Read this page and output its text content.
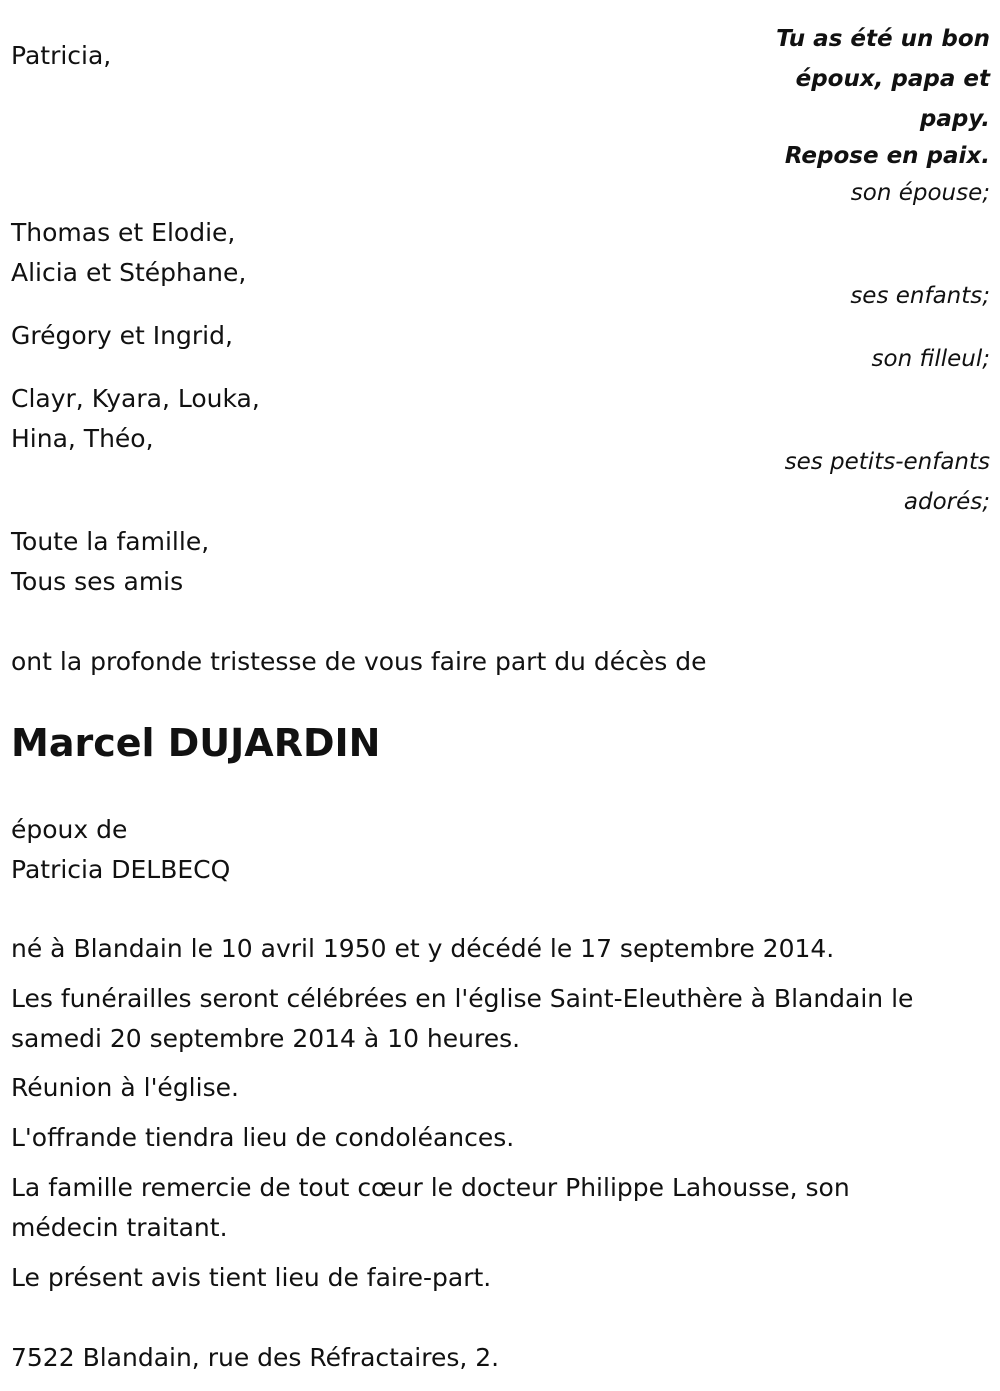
Tu as été un bon
époux, papa et
papy.
Repose en paix.
son épouse;
ses enfants;
son filleul;
ses petits-enfants
adorés;
Patricia,
Thomas et Elodie,
Alicia et Stéphane,
Grégory et Ingrid,
Clayr, Kyara, Louka,
Hina, Théo,
Toute la famille,
Tous ses amis
ont la profonde tristesse de vous faire part du décès de
Marcel DUJARDIN
époux de
Patricia DELBECQ
né à Blandain le 10 avril 1950 et y décédé le 17 septembre 2014.
Les funérailles seront célébrées en l'église Saint-Eleuthère à Blandain le
samedi 20 septembre 2014 à 10 heures.
Réunion à l'église.
L'offrande tiendra lieu de condoléances.
La famille remercie de tout cœur le docteur Philippe Lahousse, son
médecin traitant.
Le présent avis tient lieu de faire-part.
7522 Blandain, rue des Réfractaires, 2.
